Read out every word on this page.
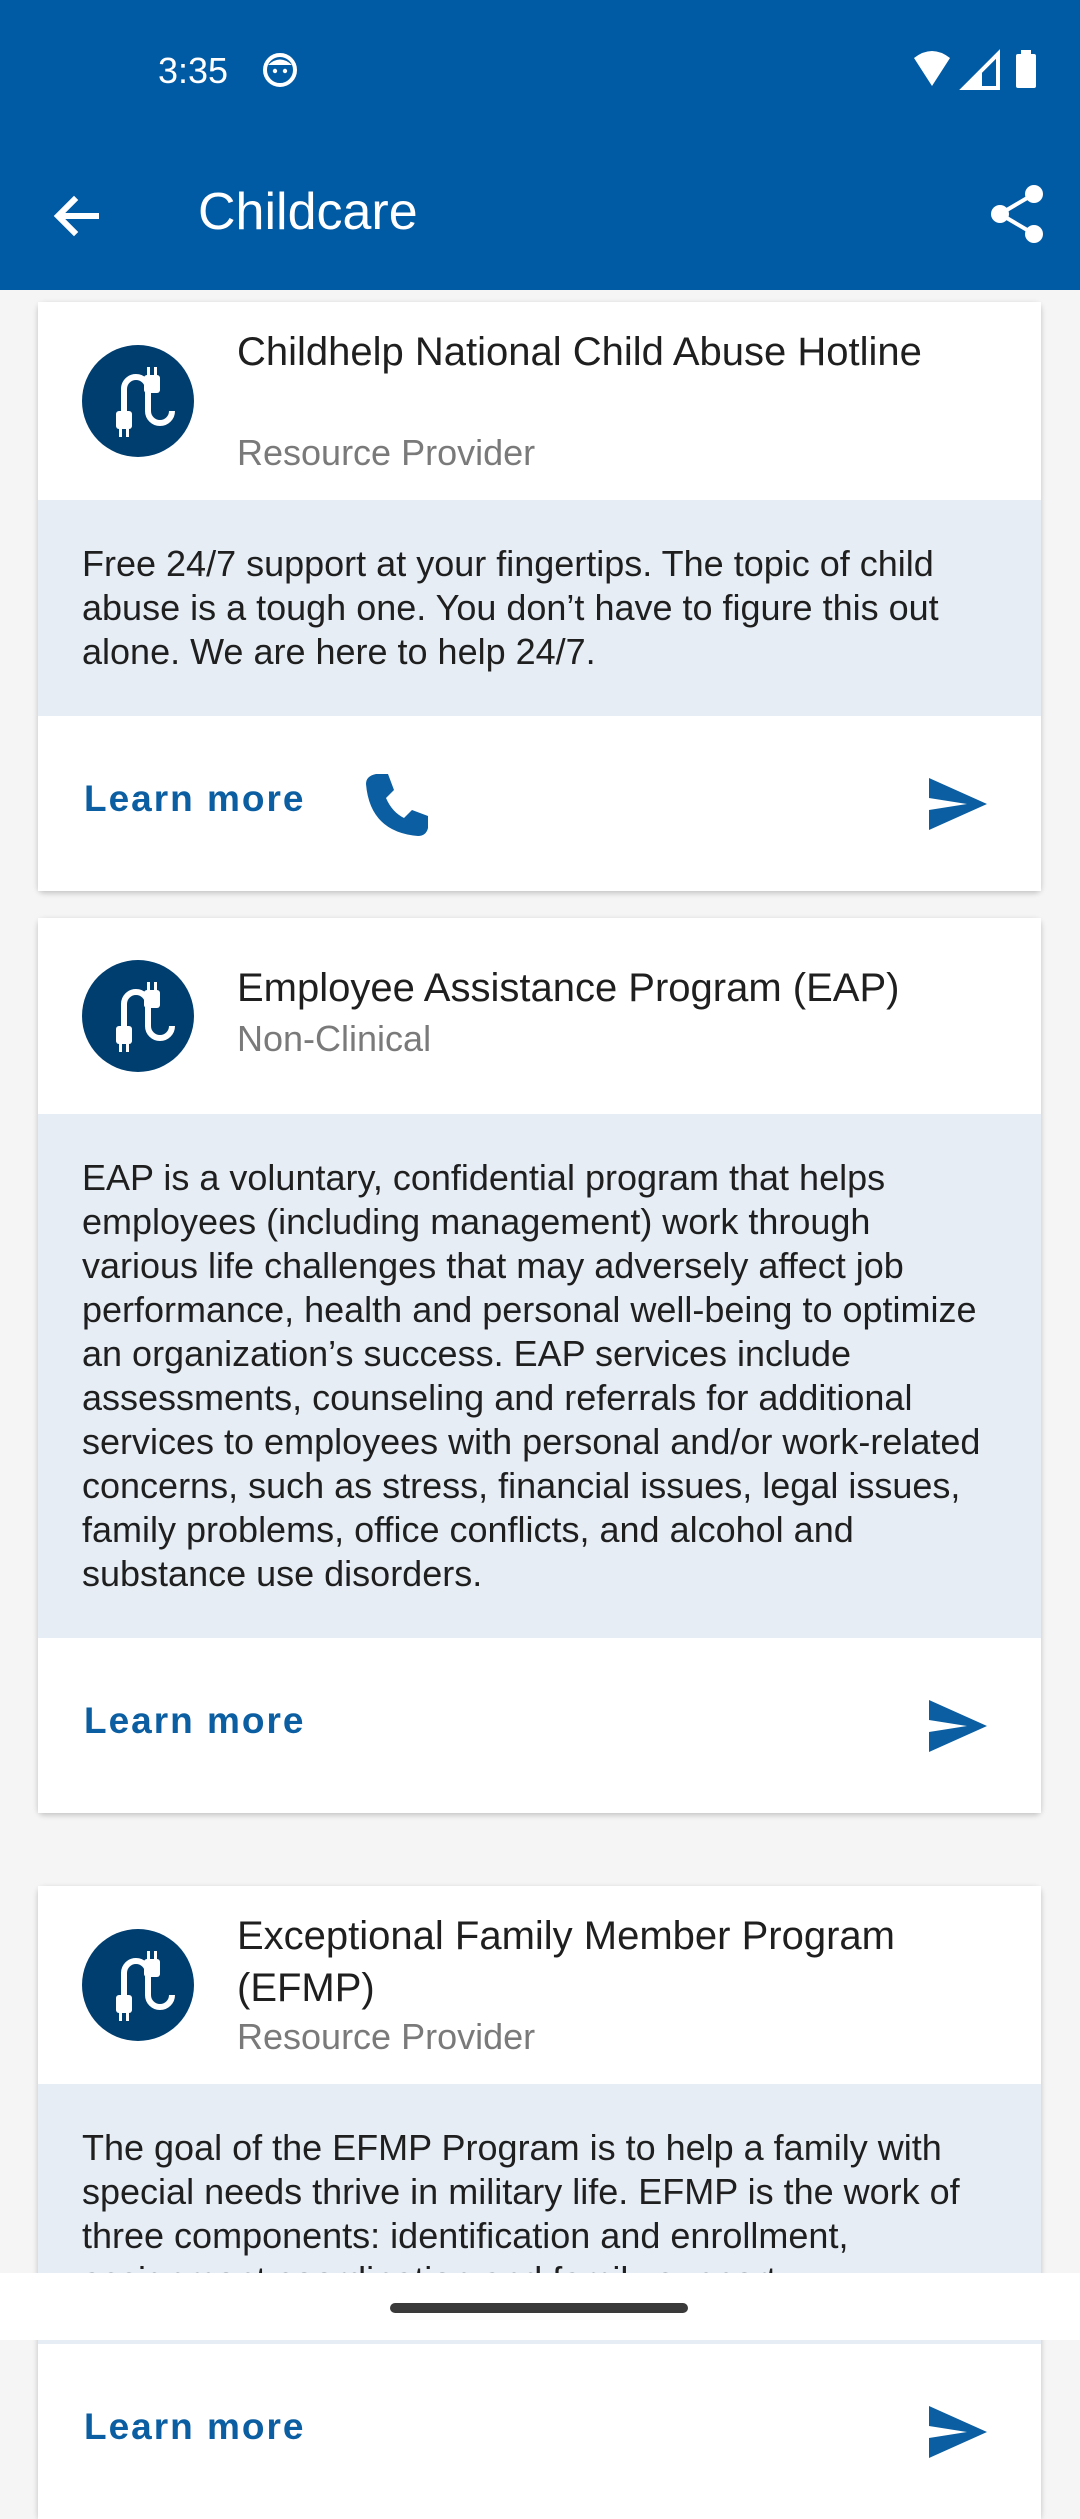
3:35
Childcare
Childhelp National Child Abuse Hotline
Resource Provider
Free 24/7 support at your fingertips. The topic of child abuse is a tough one. You don’t have to figure this out alone. We are here to help 24/7.
Learn more
Employee Assistance Program (EAP)
Non-Clinical
EAP is a voluntary, confidential program that helps employees (including management) work through various life challenges that may adversely affect job performance, health and personal well-being to optimize an organization’s success. EAP services include assessments, counseling and referrals for additional services to employees with personal and/or work-related concerns, such as stress, financial issues, legal issues, family problems, office conflicts, and alcohol and substance use disorders.
Learn more
Exceptional Family Member Program (EFMP)
Resource Provider
The goal of the EFMP Program is to help a family with special needs thrive in military life. EFMP is the work of three components: identification and enrollment,
Learn more
